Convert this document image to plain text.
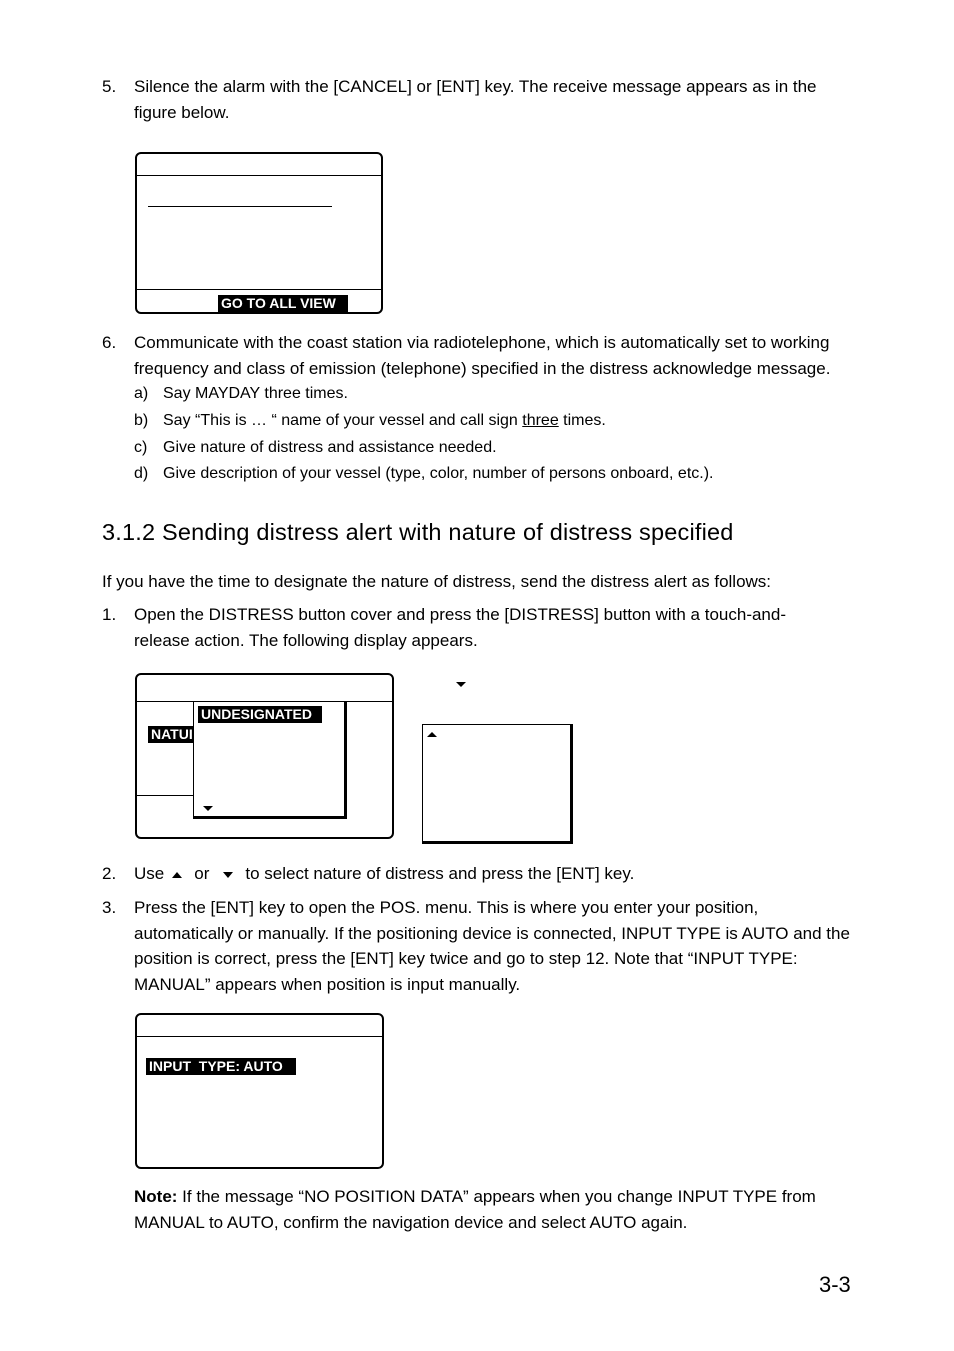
5. Silence the alarm with the [CANCEL] or [ENT] key. The receive message appears as in the figure below.
GO TO ALL VIEW
6. Communicate with the coast station via radiotelephone, which is automatically set to working frequency and class of emission (telephone) specified in the distress acknowledge message.
a) Say MAYDAY three times.
b) Say “This is … “ name of your vessel and call sign three times.
c) Give nature of distress and assistance needed.
d) Give description of your vessel (type, color, number of persons onboard, etc.).
3.1.2 Sending distress alert with nature of distress specified
If you have the time to designate the nature of distress, send the distress alert as follows:
1. Open the DISTRESS button cover and press the [DISTRESS] button with a touch-and-release action. The following display appears.
NATUI
UNDESIGNATED
2. Use or to select nature of distress and press the [ENT] key.
3. Press the [ENT] key to open the POS. menu. This is where you enter your position, automatically or manually. If the positioning device is connected, INPUT TYPE is AUTO and the position is correct, press the [ENT] key twice and go to step 12. Note that “INPUT TYPE: MANUAL” appears when position is input manually.
INPUT  TYPE: AUTO
Note: If the message “NO POSITION DATA” appears when you change INPUT TYPE from MANUAL to AUTO, confirm the navigation device and select AUTO again.
3-3
